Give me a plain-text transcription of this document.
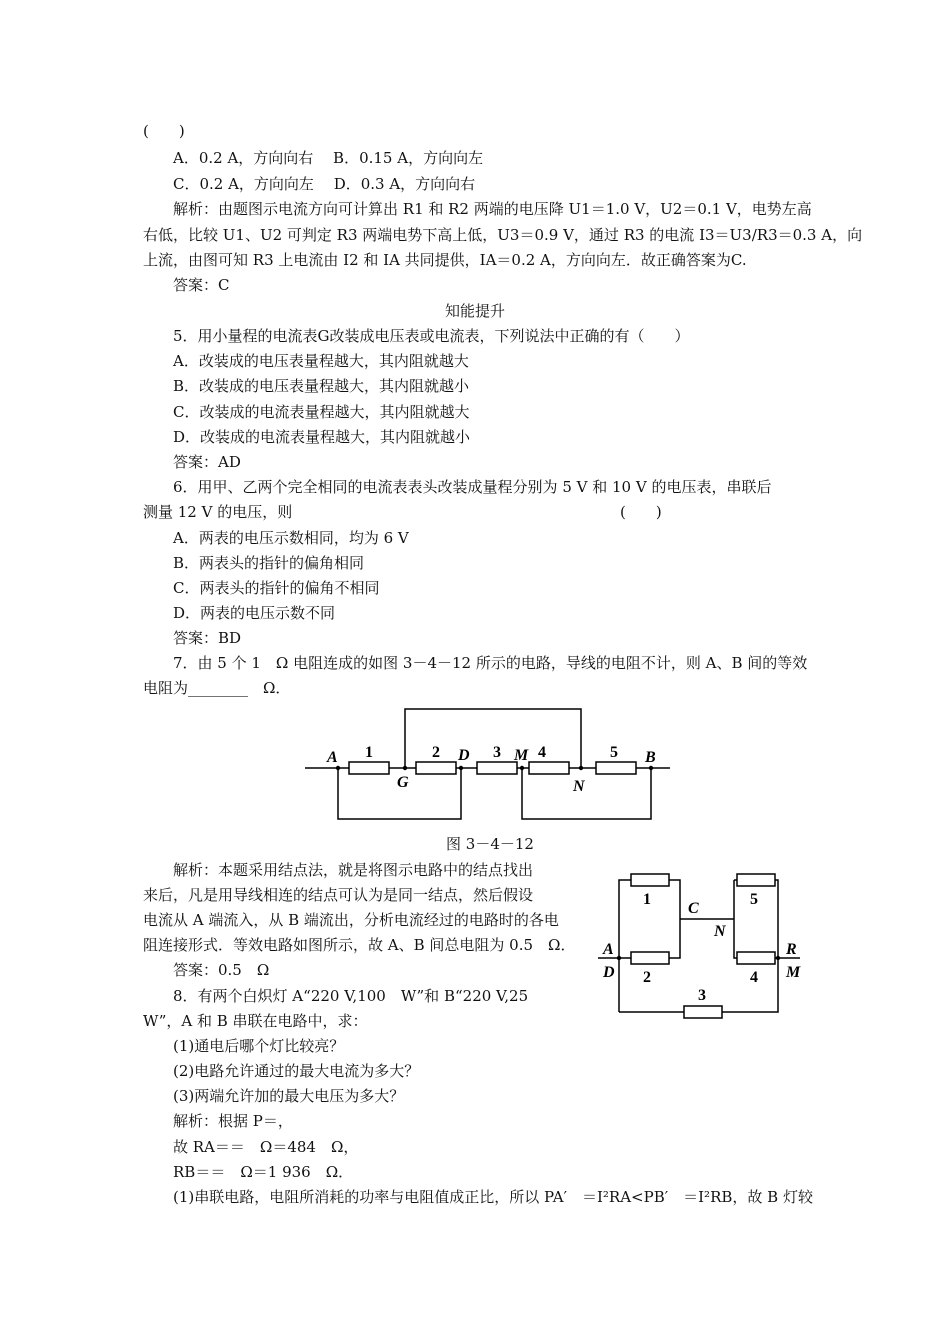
(　　)
A．0.2 A，方向向右　 B．0.15 A，方向向左
C．0.2 A，方向向左　 D．0.3 A，方向向右
解析：由题图示电流方向可计算出 R1 和 R2 两端的电压降 U1＝1.0 V，U2＝0.1 V，电势左高
右低，比较 U1、U2 可判定 R3 两端电势下高上低，U3＝0.9 V，通过 R3 的电流 I3＝U3/R3＝0.3 A，向
上流，由图可知 R3 上电流由 I2 和 IA 共同提供，IA＝0.2 A，方向向左．故正确答案为C.
答案：C
知能提升
5．用小量程的电流表G改装成电压表或电流表，下列说法中正确的有（　　）
A．改装成的电压表量程越大，其内阻就越大
B．改装成的电压表量程越大，其内阻就越小
C．改装成的电流表量程越大，其内阻就越大
D．改装成的电流表量程越大，其内阻就越小
答案：AD
6．用甲、乙两个完全相同的电流表表头改装成量程分别为 5 V 和 10 V 的电压表，串联后
测量 12 V 的电压，则	(　　)
A．两表的电压示数相同，均为 6 V
B．两表头的指针的偏角相同
C．两表头的指针的偏角不相同
D．两表的电压示数不同
答案：BD
7．由 5 个 1　Ω 电阻连成的如图 3－4－12 所示的电路，导线的电阻不计，则 A、B 间的等效
电阻为________　Ω．
A 1
G
2 D 3 M 4
N
5 B
图 3－4－12
解析：本题采用结点法，就是将图示电路中的结点找出
来后，凡是用导线相连的结点可认为是同一结点，然后假设
电流从 A 端流入，从 B 端流出，分析电流经过的电路时的各电
阻连接形式．等效电路如图所示，故 A、B 间总电阻为 0.5　Ω．
答案：0.5　Ω
1	5
C
N
A
D 2	4
R
M
3
8．有两个白炽灯 A“220 V,100　W”和 B“220 V,25
W”，A 和 B 串联在电路中，求：
(1)通电后哪个灯比较亮？
(2)电路允许通过的最大电流为多大？
(3)两端允许加的最大电压为多大？
解析：根据 P＝，
故 RA＝＝　Ω＝484　Ω，
RB＝＝　Ω＝1 936　Ω．
(1)串联电路，电阻所消耗的功率与电阻值成正比，所以 PA′　＝I²RA<PB′　＝I²RB，故 B 灯较
